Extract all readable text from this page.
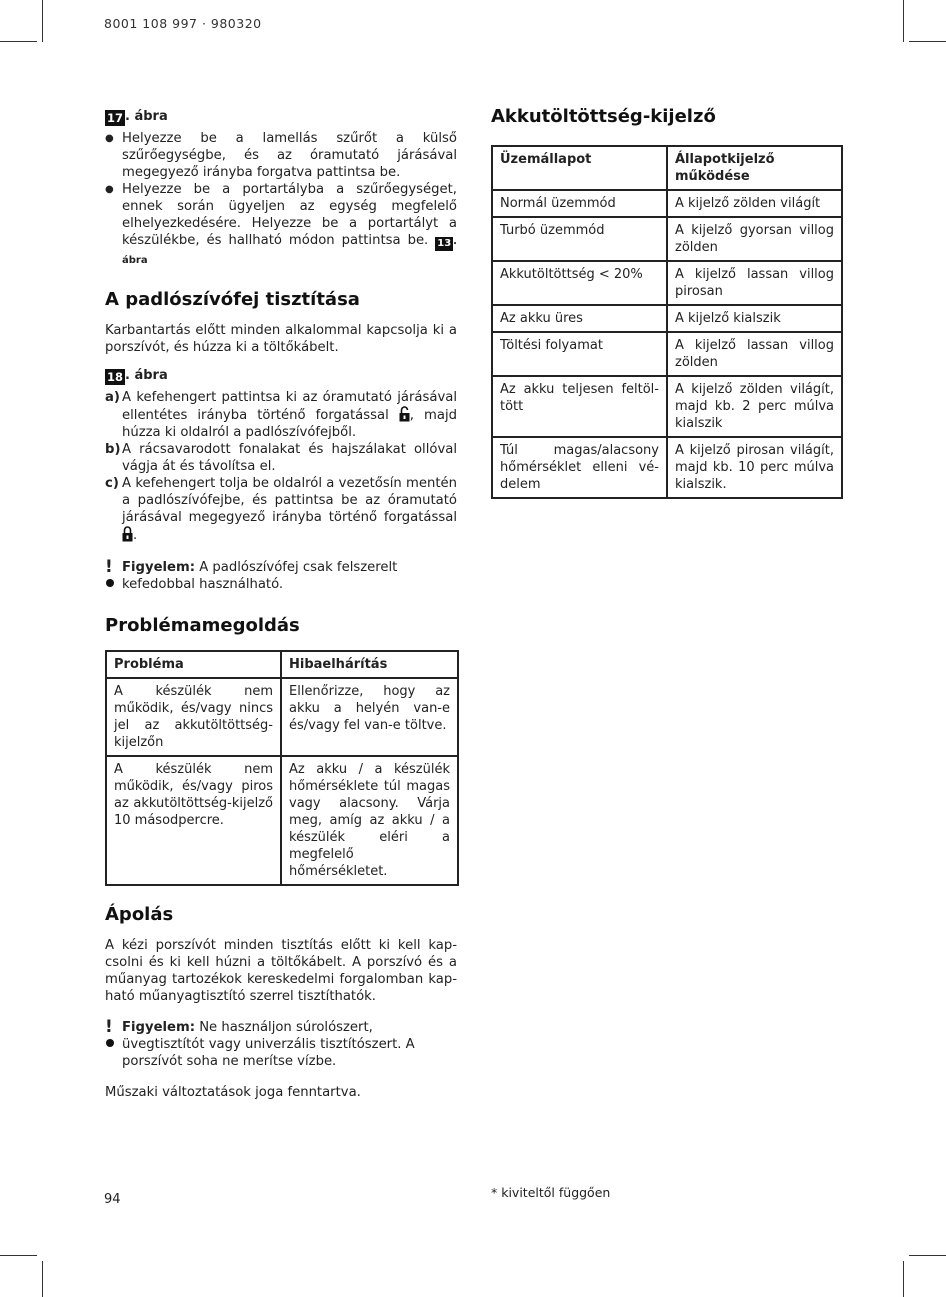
8001 108 997 · 980320
17 . ábra
● Helyezze be a lamellás szűrőt a külső szűrőegységbe, és az óramutató járásával megegyező irányba forgatva pattintsa be.
● Helyezze be a portartályba a szűrőegységet, ennek során ügyeljen az egység megfelelő elhelyezkedésére. Helyezze be a portartályt a készülékbe, és hallható módon pattintsa be. 13 . ábra
A padlószívófej tisztítása

Karbantartás előtt minden alkalommal kapcsolja ki a porszívót, és húzza ki a töltőkábelt.

18 . ábra
a) A kefehengert pattintsa ki az óramutató járásával ellentétes irányba történő forgatással , majd húzza ki oldalról a padlószívófejből.
b) A rácsavarodott fonalakat és hajszálakat ollóval vágja át és távolítsa el.
c) A kefehengert tolja be oldalról a vezetősín mentén a padlószívófejbe, és pattintsa be az óramutató járásával megegyező irányba történő forgatással .
! Figyelem: A padlószívófej csak felszerelt kefedobbal használható.
Problémamegoldás
Probléma	Hibaelhárítás
A készülék nem működik, és/vagy nincs jel az akkutöltöttség-kijelzőn	Ellenőrizze, hogy az akku a helyén van-e és/vagy fel van-e töltve.
A készülék nem működik, és/vagy piros az akkutöltöttség-kijelző 10 másodpercre.	Az akku / a készülék hőmérséklete túl magas vagy alacsony. Várja meg, amíg az akku / a készülék eléri a megfelelő hőmérsékletet.
Ápolás

A kézi porszívót minden tisztítás előtt ki kell kapcsolni és ki kell húzni a töltőkábelt. A porszívó és a műanyag tartozékok kereskedelmi forgalomban kapható műanyagtisztító szerrel tisztíthatók.

! Figyelem: Ne használjon súrolószert, üvegtisztítót vagy univerzális tisztítószert. A porszívót soha ne merítse vízbe.

Műszaki változtatások joga fenntartva.

Akkutöltöttség-kijelző
Üzemállapot	Állapotkijelző működése
Normál üzemmód	A kijelző zölden világít
Turbó üzemmód	A kijelző gyorsan villog zölden
Akkutöltöttség < 20%	A kijelző lassan villog pirosan
Az akku üres	A kijelző kialszik
Töltési folyamat	A kijelző lassan villog zölden
Az akku teljesen feltöltött	A kijelző zölden világít, majd kb. 2 perc múlva kialszik
Túl magas/alacsony hőmérséklet elleni védelem	A kijelző pirosan világít, majd kb. 10 perc múlva kialszik.
94	* kiviteltől függően
